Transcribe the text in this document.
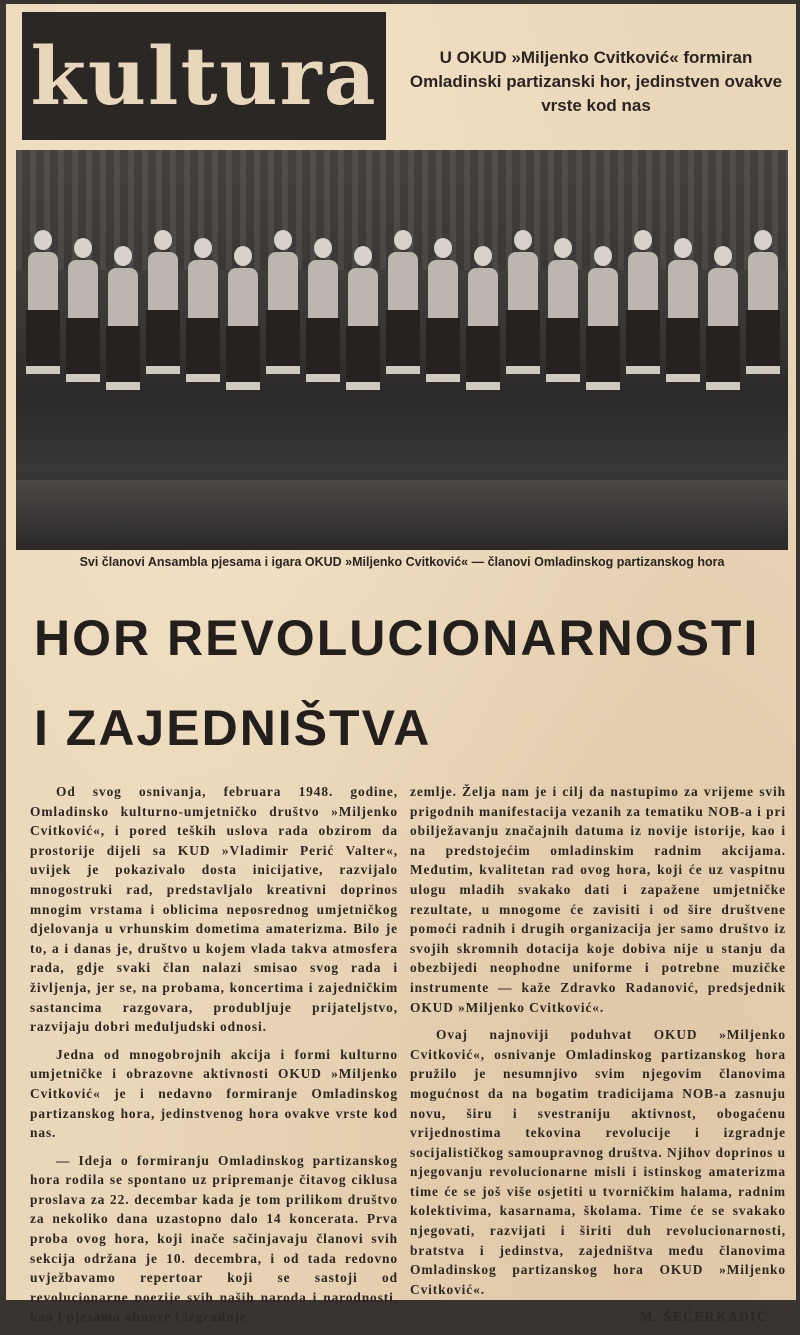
kultura	U OKUD »Miljenko Cvitković« formiran Omladinski partizanski hor, jedinstven ovakve vrste kod nas
Svi članovi Ansambla pjesama i igara OKUD »Miljenko Cvitković« — članovi Omladinskog partizanskog hora
HOR REVOLUCIONARNOSTI
I ZAJEDNIŠTVA

Od svog osnivanja, februara 1948. godine, Omladinsko kulturno-umjetničko društvo »Miljenko Cvitković«, i pored teških uslova rada obzirom da prostorije dijeli sa KUD »Vladimir Perić Valter«, uvijek je pokazivalo dosta inicijative, razvijalo mnogostruki rad, predstavljalo kreativni doprinos mnogim vrstama i oblicima neposrednog umjetničkog djelovanja u vrhunskim dometima amaterizma. Bilo je to, a i danas je, društvo u kojem vlada takva atmosfera rada, gdje svaki član nalazi smisao svog rada i življenja, jer se, na probama, koncertima i zajedničkim sastancima razgovara, produbljuje prijateljstvo, razvijaju dobri međuljudski odnosi.

Jedna od mnogobrojnih akcija i formi kulturno umjetničke i obrazovne aktivnosti OKUD »Miljenko Cvitković« je i nedavno formiranje Omladinskog partizanskog hora, jedinstvenog hora ovakve vrste kod nas.

— Ideja o formiranju Omladinskog partizanskog hora rodila se spontano uz pripremanje čitavog ciklusa proslava za 22. decembar kada je tom prilikom društvo za nekoliko dana uzastopno dalo 14 koncerata. Prva proba ovog hora, koji inače sačinjavaju članovi svih sekcija održana je 10. decembra, i od tada redovno uvježbavamo repertoar koji se sastoji od revolucionarne poezije svih naših naroda i narodnosti, kao i pjesama obnove i izgradnje

zemlje. Želja nam je i cilj da nastupimo za vrijeme svih prigodnih manifestacija vezanih za tematiku NOB-a i pri obilježavanju značajnih datuma iz novije istorije, kao i na predstojećim omladinskim radnim akcijama. Međutim, kvalitetan rad ovog hora, koji će uz vaspitnu ulogu mladih svakako dati i zapažene umjetničke rezultate, u mnogome će zavisiti i od šire društvene pomoći radnih i drugih organizacija jer samo društvo iz svojih skromnih dotacija koje dobiva nije u stanju da obezbijedi neophodne uniforme i potrebne muzičke instrumente — kaže Zdravko Radanović, predsjednik OKUD »Miljenko Cvitković«.

Ovaj najnoviji poduhvat OKUD »Miljenko Cvitković«, osnivanje Omladinskog partizanskog hora pružilo je nesumnjivo svim njegovim članovima mogućnost da na bogatim tradicijama NOB-a zasnuju novu, širu i svestraniju aktivnost, obogaćenu vrijednostima tekovina revolucije i izgradnje socijalističkog samoupravnog društva. Njihov doprinos u njegovanju revolucionarne misli i istinskog amaterizma time će se još više osjetiti u tvorničkim halama, radnim kolektivima, kasarnama, školama. Time će se svakako njegovati, razvijati i širiti duh revolucionarnosti, bratstva i jedinstva, zajedništva među članovima Omladinskog partizanskog hora OKUD »Miljenko Cvitković«.

M. ŠEĆERKADIĆ
